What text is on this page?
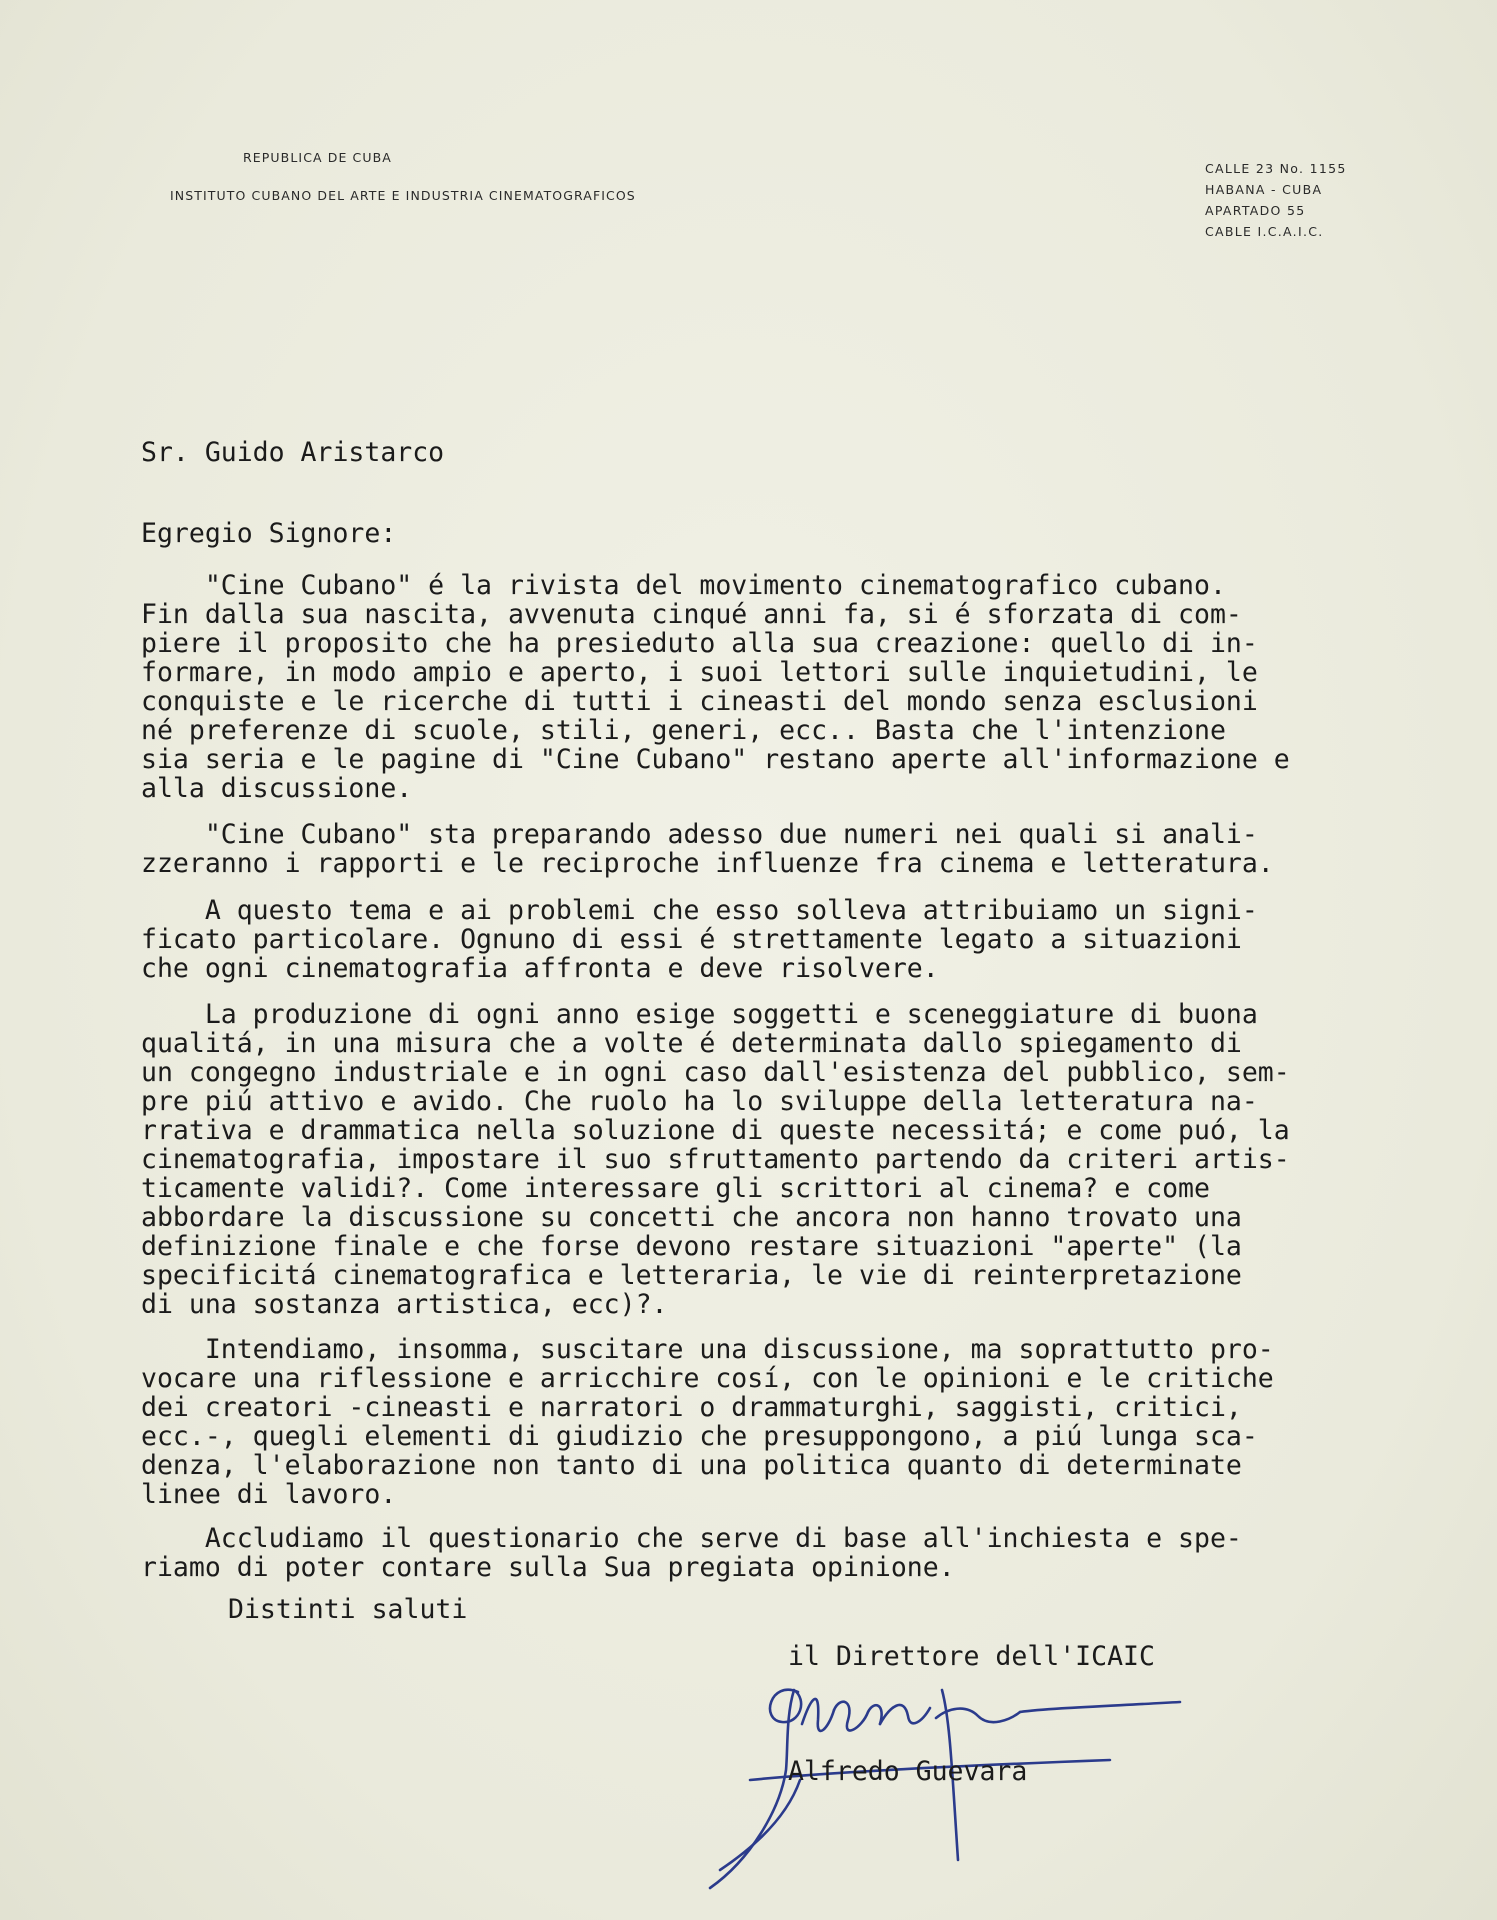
REPUBLICA DE CUBA
INSTITUTO CUBANO DEL ARTE E INDUSTRIA CINEMATOGRAFICOS
CALLE 23 No. 1155
HABANA - CUBA
APARTADO 55
CABLE I.C.A.I.C.
Sr. Guido Aristarco
Egregio Signore:

"Cine Cubano" é la rivista del movimento cinematografico cubano.

Fin dalla sua nascita, avvenuta cinqué anni fa, si é sforzata di com-

piere il proposito che ha presieduto alla sua creazione: quello di in-

formare, in modo ampio e aperto, i suoi lettori sulle inquietudini, le

conquiste e le ricerche di tutti i cineasti del mondo senza esclusioni

né preferenze di scuole, stili, generi, ecc.. Basta che l'intenzione

sia seria e le pagine di "Cine Cubano" restano aperte all'informazione e

alla discussione.

"Cine Cubano" sta preparando adesso due numeri nei quali si anali-

zzeranno i rapporti e le reciproche influenze fra cinema e letteratura.

A questo tema e ai problemi che esso solleva attribuiamo un signi-

ficato particolare. Ognuno di essi é strettamente legato a situazioni

che ogni cinematografia affronta e deve risolvere.

La produzione di ogni anno esige soggetti e sceneggiature di buona

qualitá, in una misura che a volte é determinata dallo spiegamento di

un congegno industriale e in ogni caso dall'esistenza del pubblico, sem-

pre piú attivo e avido. Che ruolo ha lo sviluppe della letteratura na-

rrativa e drammatica nella soluzione di queste necessitá; e come puó, la

cinematografia, impostare il suo sfruttamento partendo da criteri artis-

ticamente validi?. Come interessare gli scrittori al cinema? e come

abbordare la discussione su concetti che ancora non hanno trovato una

definizione finale e che forse devono restare situazioni "aperte" (la

specificitá cinematografica e letteraria, le vie di reinterpretazione

di una sostanza artistica, ecc)?.

Intendiamo, insomma, suscitare una discussione, ma soprattutto pro-

vocare una riflessione e arricchire cosí, con le opinioni e le critiche

dei creatori -cineasti e narratori o drammaturghi, saggisti, critici,

ecc.-, quegli elementi di giudizio che presuppongono, a piú lunga sca-

denza, l'elaborazione non tanto di una politica quanto di determinate

linee di lavoro.

Accludiamo il questionario che serve di base all'inchiesta e spe-

riamo di poter contare sulla Sua pregiata opinione.

Distinti saluti
il Direttore dell'ICAIC
Alfredo Guevara
